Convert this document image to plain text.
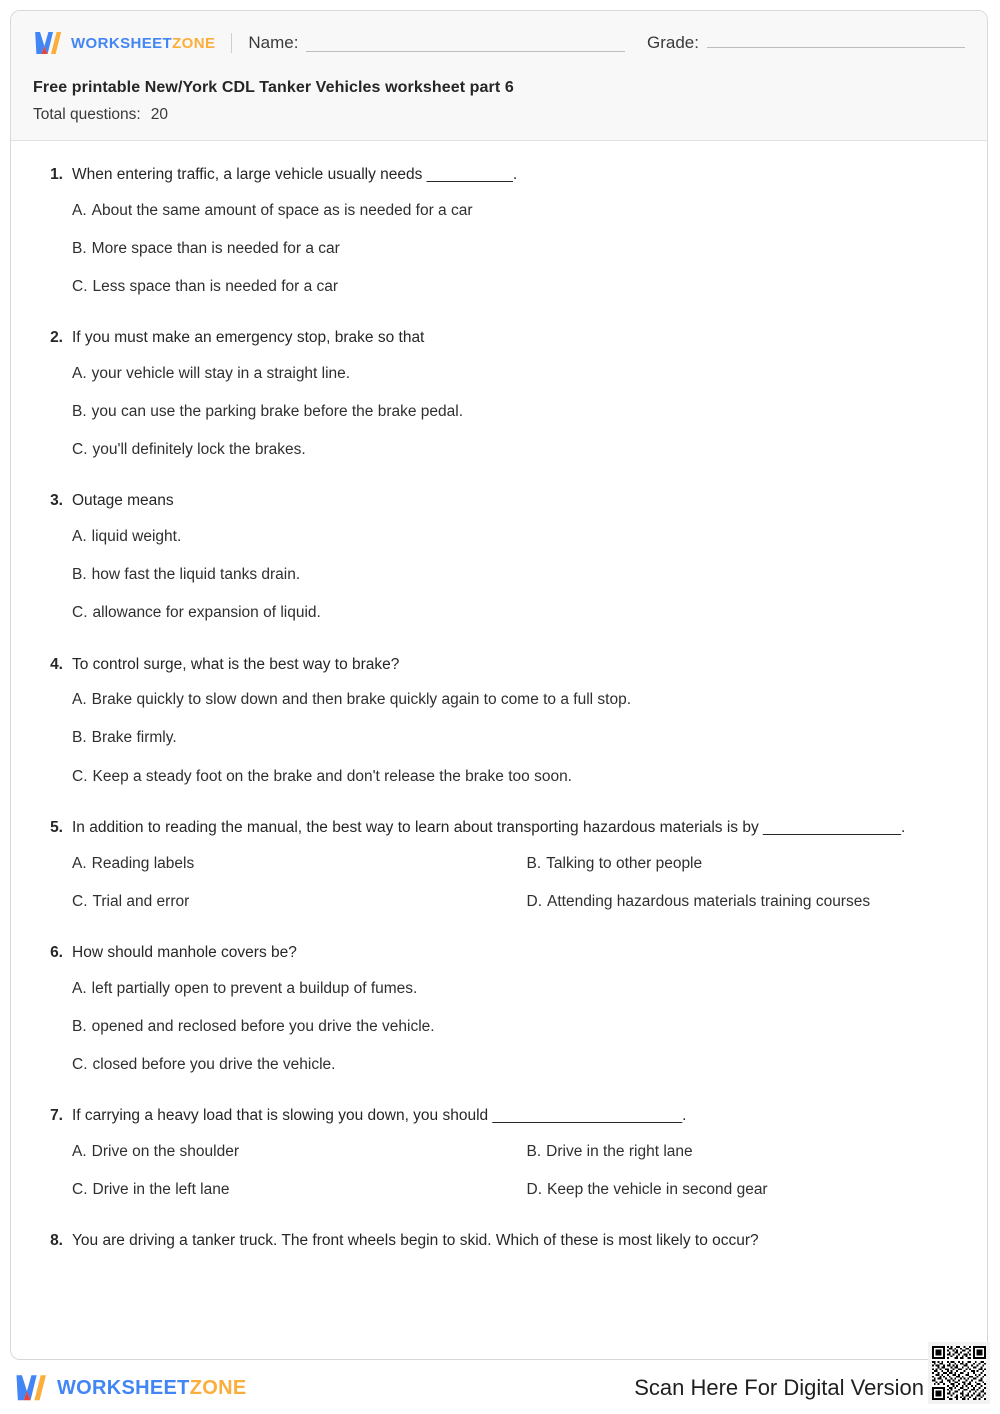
WORKSHEETZONE Name:	Grade:
Free printable New/York CDL Tanker Vehicles worksheet part 6
Total questions: 20
1. When entering traffic, a large vehicle usually needs __________.
A. About the same amount of space as is needed for a car
B. More space than is needed for a car
C. Less space than is needed for a car
2. If you must make an emergency stop, brake so that
A. your vehicle will stay in a straight line.
B. you can use the parking brake before the brake pedal.
C. you'll definitely lock the brakes.
3. Outage means
A. liquid weight.
B. how fast the liquid tanks drain.
C. allowance for expansion of liquid.
4. To control surge, what is the best way to brake?
A. Brake quickly to slow down and then brake quickly again to come to a full stop.
B. Brake firmly.
C. Keep a steady foot on the brake and don't release the brake too soon.
5. In addition to reading the manual, the best way to learn about transporting hazardous materials is by ________________.
A. Reading labels	B. Talking to other people
C. Trial and error	D. Attending hazardous materials training courses
6. How should manhole covers be?
A. left partially open to prevent a buildup of fumes.
B. opened and reclosed before you drive the vehicle.
C. closed before you drive the vehicle.
7. If carrying a heavy load that is slowing you down, you should ______________________.
A. Drive on the shoulder	B. Drive in the right lane
C. Drive in the left lane	D. Keep the vehicle in second gear
8. You are driving a tanker truck. The front wheels begin to skid. Which of these is most likely to occur?
WORKSHEETZONE	Scan Here For Digital Version
